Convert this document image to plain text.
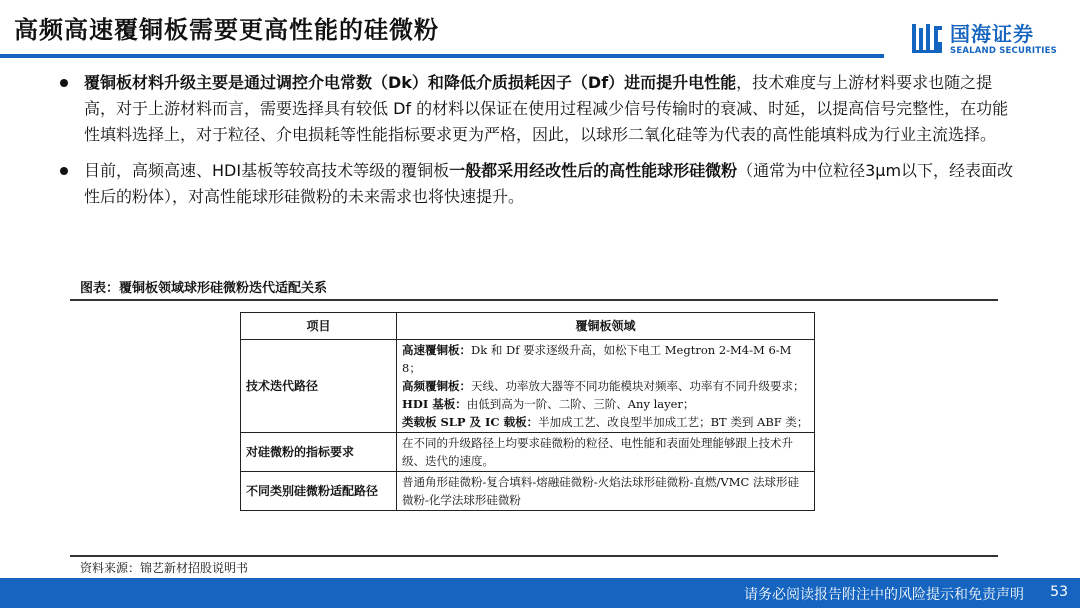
高频高速覆铜板需要更高性能的硅微粉	国海证券
SEALAND SECURITIES
覆铜板材料升级主要是通过调控介电常数（Dk）和降低介质损耗因子（Df）进而提升电性能，技术难度与上游材料要求也随之提高，对于上游材料而言，需要选择具有较低 Df 的材料以保证在使用过程减少信号传输时的衰减、时延，以提高信号完整性，在功能性填料选择上，对于粒径、介电损耗等性能指标要求更为严格，因此，以球形二氧化硅等为代表的高性能填料成为行业主流选择。
目前，高频高速、HDI基板等较高技术等级的覆铜板一般都采用经改性后的高性能球形硅微粉（通常为中位粒径3μm以下，经表面改性后的粉体），对高性能球形硅微粉的未来需求也将快速提升。
图表：覆铜板领域球形硅微粉迭代适配关系
项目	覆铜板领域
技术迭代路径	高速覆铜板：Dk 和 Df 要求逐级升高，如松下电工 Megtron 2-M4-M 6-M 8；
高频覆铜板：天线、功率放大器等不同功能模块对频率、功率有不同升级要求；
HDI 基板：由低到高为一阶、二阶、三阶、Any layer；
类载板 SLP 及 IC 载板：半加成工艺、改良型半加成工艺；BT 类到 ABF 类；

对硅微粉的指标要求	在不同的升级路径上均要求硅微粉的粒径、电性能和表面处理能够跟上技术升级、迭代的速度。
不同类别硅微粉适配路径	普通角形硅微粉-复合填料-熔融硅微粉-火焰法球形硅微粉-直燃/VMC 法球形硅微粉-化学法球形硅微粉
资料来源：锦艺新材招股说明书
请务必阅读报告附注中的风险提示和免责声明 53
